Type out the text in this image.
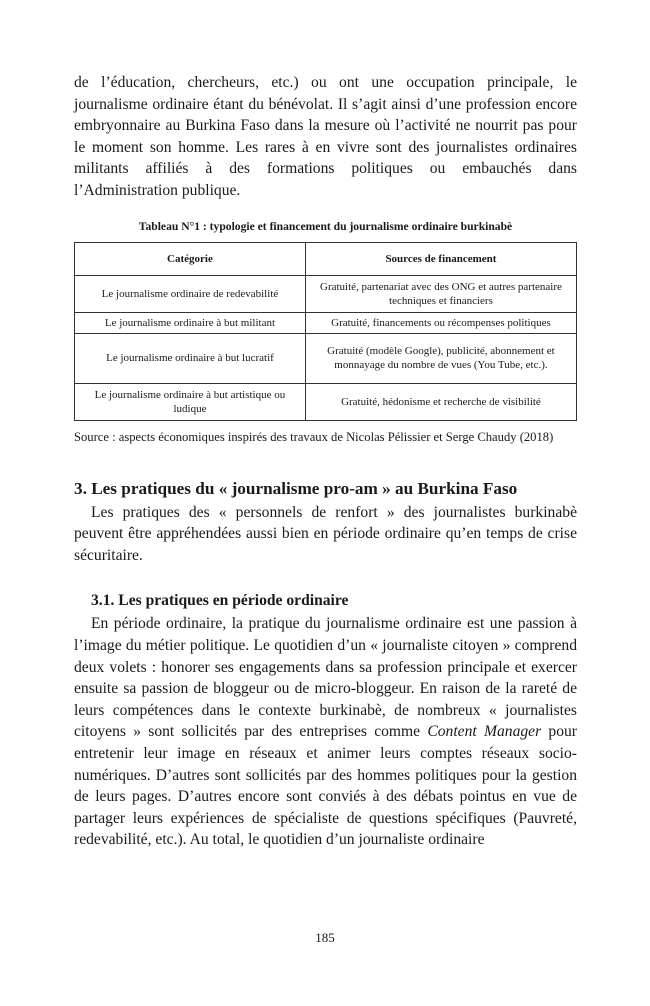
de l’éducation, chercheurs, etc.) ou ont une occupation principale, le journalisme ordinaire étant du bénévolat. Il s’agit ainsi d’une profession encore embryonnaire au Burkina Faso dans la mesure où l’activité ne nourrit pas pour le moment son homme. Les rares à en vivre sont des journalistes ordinaires militants affiliés à des formations politiques ou embauchés dans l’Administration publique.

Tableau N°1 : typologie et financement du journalisme ordinaire burkinabè
Catégorie	Sources de financement
Le journalisme ordinaire de redevabilité	Gratuité, partenariat avec des ONG et autres partenaire techniques et financiers
Le journalisme ordinaire à but militant	Gratuité, financements ou récompenses politiques
Le journalisme ordinaire à but lucratif	Gratuité (modèle Google), publicité, abonnement et monnayage du nombre de vues (You Tube, etc.).
Le journalisme ordinaire à but artistique ou ludique	Gratuité, hédonisme et recherche de visibilité

Source : aspects économiques inspirés des travaux de Nicolas Pélissier et Serge Chaudy (2018)

3. Les pratiques du « journalisme pro-am » au Burkina Faso

Les pratiques des « personnels de renfort » des journalistes burkinabè peuvent être appréhendées aussi bien en période ordinaire qu’en temps de crise sécuritaire.

3.1. Les pratiques en période ordinaire

En période ordinaire, la pratique du journalisme ordinaire est une passion à l’image du métier politique. Le quotidien d’un « journaliste citoyen » comprend deux volets : honorer ses engagements dans sa profession principale et exercer ensuite sa passion de bloggeur ou de micro-bloggeur. En raison de la rareté de leurs compétences dans le contexte burkinabè, de nombreux « journalistes citoyens » sont sollicités par des entreprises comme Content Manager pour entretenir leur image en réseaux et animer leurs comptes réseaux socio-numériques. D’autres sont sollicités par des hommes politiques pour la gestion de leurs pages. D’autres encore sont conviés à des débats pointus en vue de partager leurs expériences de spécialiste de questions spécifiques (Pauvreté, redevabilité, etc.). Au total, le quotidien d’un journaliste ordinaire

185
